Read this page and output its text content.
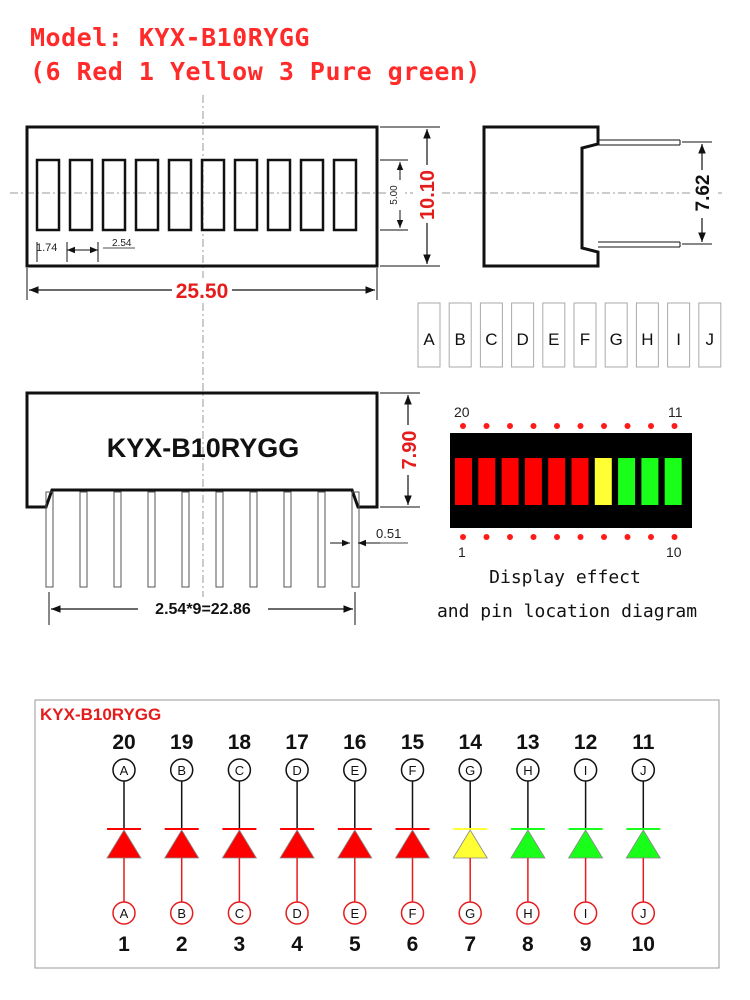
Model: KYX-B10RYGG
(6 Red 1 Yellow 3 Pure green)
1.74	2.54
25.50
10.10
5.00	7.62
A B C D E F G H I J
KYX-B10RYGG	7.90
0.51
2.54*9=22.86
20	11
1	10
Display effect
and pin location diagram
KYX-B10RYGG
20
A
A
1
19
B
B
2
18
C
C
3
17
D
D
4
16
E
E
5
15
F
F
6
14
G
G
7
13
H
H
8
12
I
I
9
11
J
J
10
